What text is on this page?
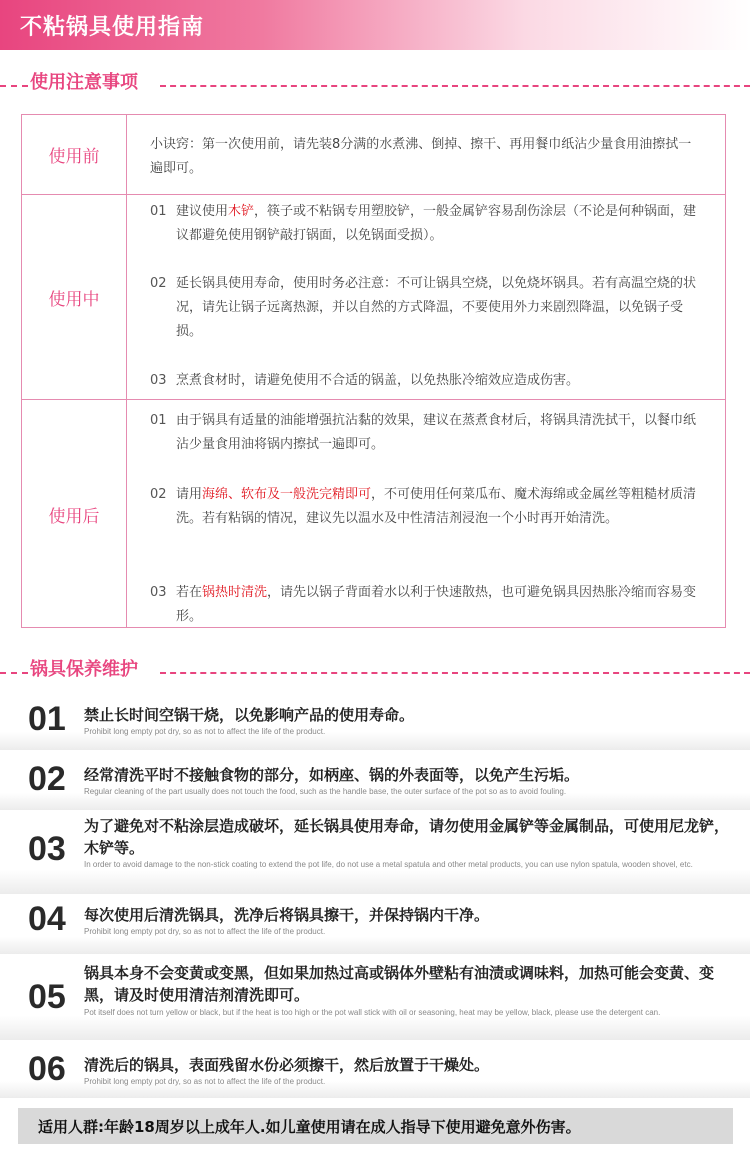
不粘锅具使用指南
使用注意事项
使用前
小诀窍：第一次使用前，请先装8分满的水煮沸、倒掉、擦干、再用餐巾纸沾少量食用油擦拭一遍即可。
使用中
01 建议使用木铲，筷子或不粘锅专用塑胶铲，一般金属铲容易刮伤涂层（不论是何种锅面，建议都避免使用钢铲敲打锅面，以免锅面受损）。
02 延长锅具使用寿命，使用时务必注意：不可让锅具空烧，以免烧坏锅具。若有高温空烧的状况，请先让锅子远离热源，并以自然的方式降温，不要使用外力来剧烈降温，以免锅子受损。
03 烹煮食材时，请避免使用不合适的锅盖，以免热胀冷缩效应造成伤害。
使用后
01 由于锅具有适量的油能增强抗沾黏的效果，建议在蒸煮食材后，将锅具清洗拭干，以餐巾纸沾少量食用油将锅内擦拭一遍即可。
02 请用海绵、软布及一般洗完精即可，不可使用任何菜瓜布、魔术海绵或金属丝等粗糙材质清洗。若有粘锅的情况，建议先以温水及中性清洁剂浸泡一个小时再开始清洗。
03 若在锅热时清洗，请先以锅子背面着水以利于快速散热，也可避免锅具因热胀冷缩而容易变形。
锅具保养维护
01 禁止长时间空锅干烧，以免影响产品的使用寿命。
Prohibit long empty pot dry, so as not to affect the life of the product.
02 经常清洗平时不接触食物的部分，如柄座、锅的外表面等，以免产生污垢。
Regular cleaning of the part usually does not touch the food, such as the handle base, the outer surface of the pot so as to avoid fouling.
03
为了避免对不粘涂层造成破坏，延长锅具使用寿命，请勿使用金属铲等金属制品，可使用尼龙铲，木铲等。
In order to avoid damage to the non-stick coating to extend the pot life, do not use a metal spatula and other metal products, you can use nylon spatula, wooden shovel, etc.
04 每次使用后清洗锅具，洗净后将锅具擦干，并保持锅内干净。
Prohibit long empty pot dry, so as not to affect the life of the product.
05
锅具本身不会变黄或变黑，但如果加热过高或锅体外壁粘有油渍或调味料，加热可能会变黄、变黑，请及时使用清洁剂清洗即可。
Pot itself does not turn yellow or black, but if the heat is too high or the pot wall stick with oil or seasoning, heat may be yellow, black, please use the detergent can.
06 清洗后的锅具，表面残留水份必须擦干，然后放置于干燥处。
Prohibit long empty pot dry, so as not to affect the life of the product.
适用人群:年龄18周岁以上成年人.如儿童使用请在成人指导下使用避免意外伤害。
